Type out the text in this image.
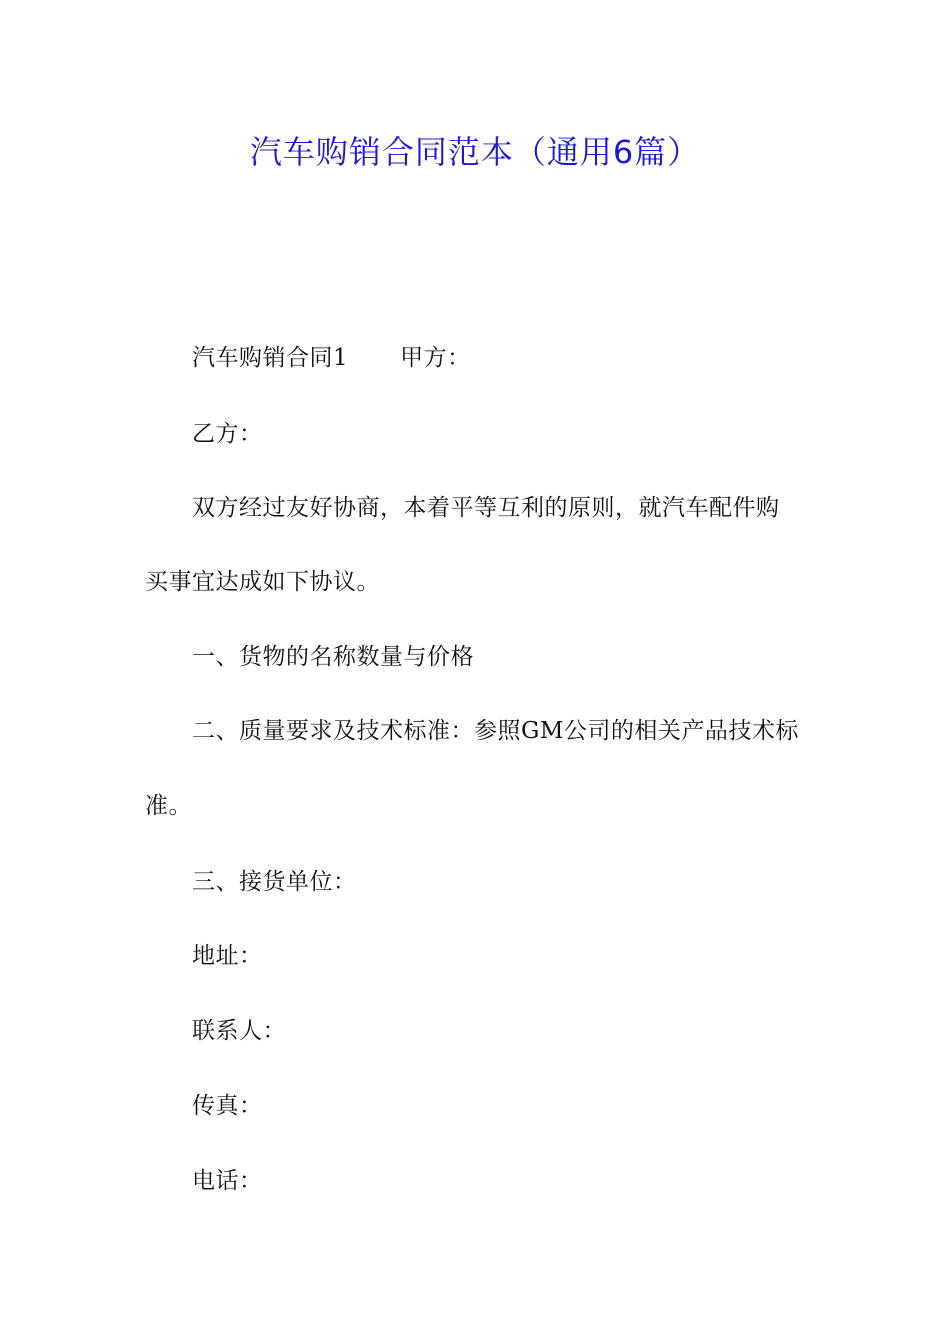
汽车购销合同范本（通用6篇）
汽车购销合同1 甲方：
乙方：
双方经过友好协商，本着平等互利的原则，就汽车配件购
买事宜达成如下协议。
一、货物的名称数量与价格
二、质量要求及技术标准：参照GM公司的相关产品技术标
准。
三、接货单位：
地址：
联系人：
传真：
电话：
